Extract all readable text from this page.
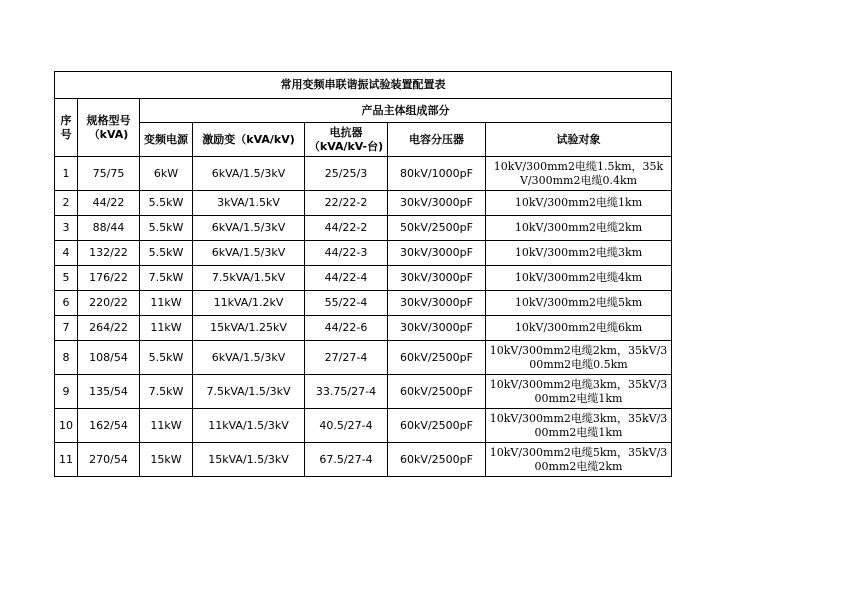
常用变频串联谐振试验装置配置表						
序号	规格型号（kVA)	产品主体组成部分				
		变频电源	激励变（kVA/kV)	电抗器（kVA/kV-台)	电容分压器	试验对象
1	75/75	6kW	6kVA/1.5/3kV	25/25/3	80kV/1000pF	10kV/300mm2电缆1.5km，35kV/300mm2电缆0.4km
2	44/22	5.5kW	3kVA/1.5kV	22/22-2	30kV/3000pF	10kV/300mm2电缆1km
3	88/44	5.5kW	6kVA/1.5/3kV	44/22-2	50kV/2500pF	10kV/300mm2电缆2km
4	132/22	5.5kW	6kVA/1.5/3kV	44/22-3	30kV/3000pF	10kV/300mm2电缆3km
5	176/22	7.5kW	7.5kVA/1.5kV	44/22-4	30kV/3000pF	10kV/300mm2电缆4km
6	220/22	11kW	11kVA/1.2kV	55/22-4	30kV/3000pF	10kV/300mm2电缆5km
7	264/22	11kW	15kVA/1.25kV	44/22-6	30kV/3000pF	10kV/300mm2电缆6km
8	108/54	5.5kW	6kVA/1.5/3kV	27/27-4	60kV/2500pF	10kV/300mm2电缆2km，35kV/300mm2电缆0.5km
9	135/54	7.5kW	7.5kVA/1.5/3kV	33.75/27-4	60kV/2500pF	10kV/300mm2电缆3km，35kV/300mm2电缆1km
10	162/54	11kW	11kVA/1.5/3kV	40.5/27-4	60kV/2500pF	10kV/300mm2电缆3km，35kV/300mm2电缆1km
11	270/54	15kW	15kVA/1.5/3kV	67.5/27-4	60kV/2500pF	10kV/300mm2电缆5km，35kV/300mm2电缆2km
